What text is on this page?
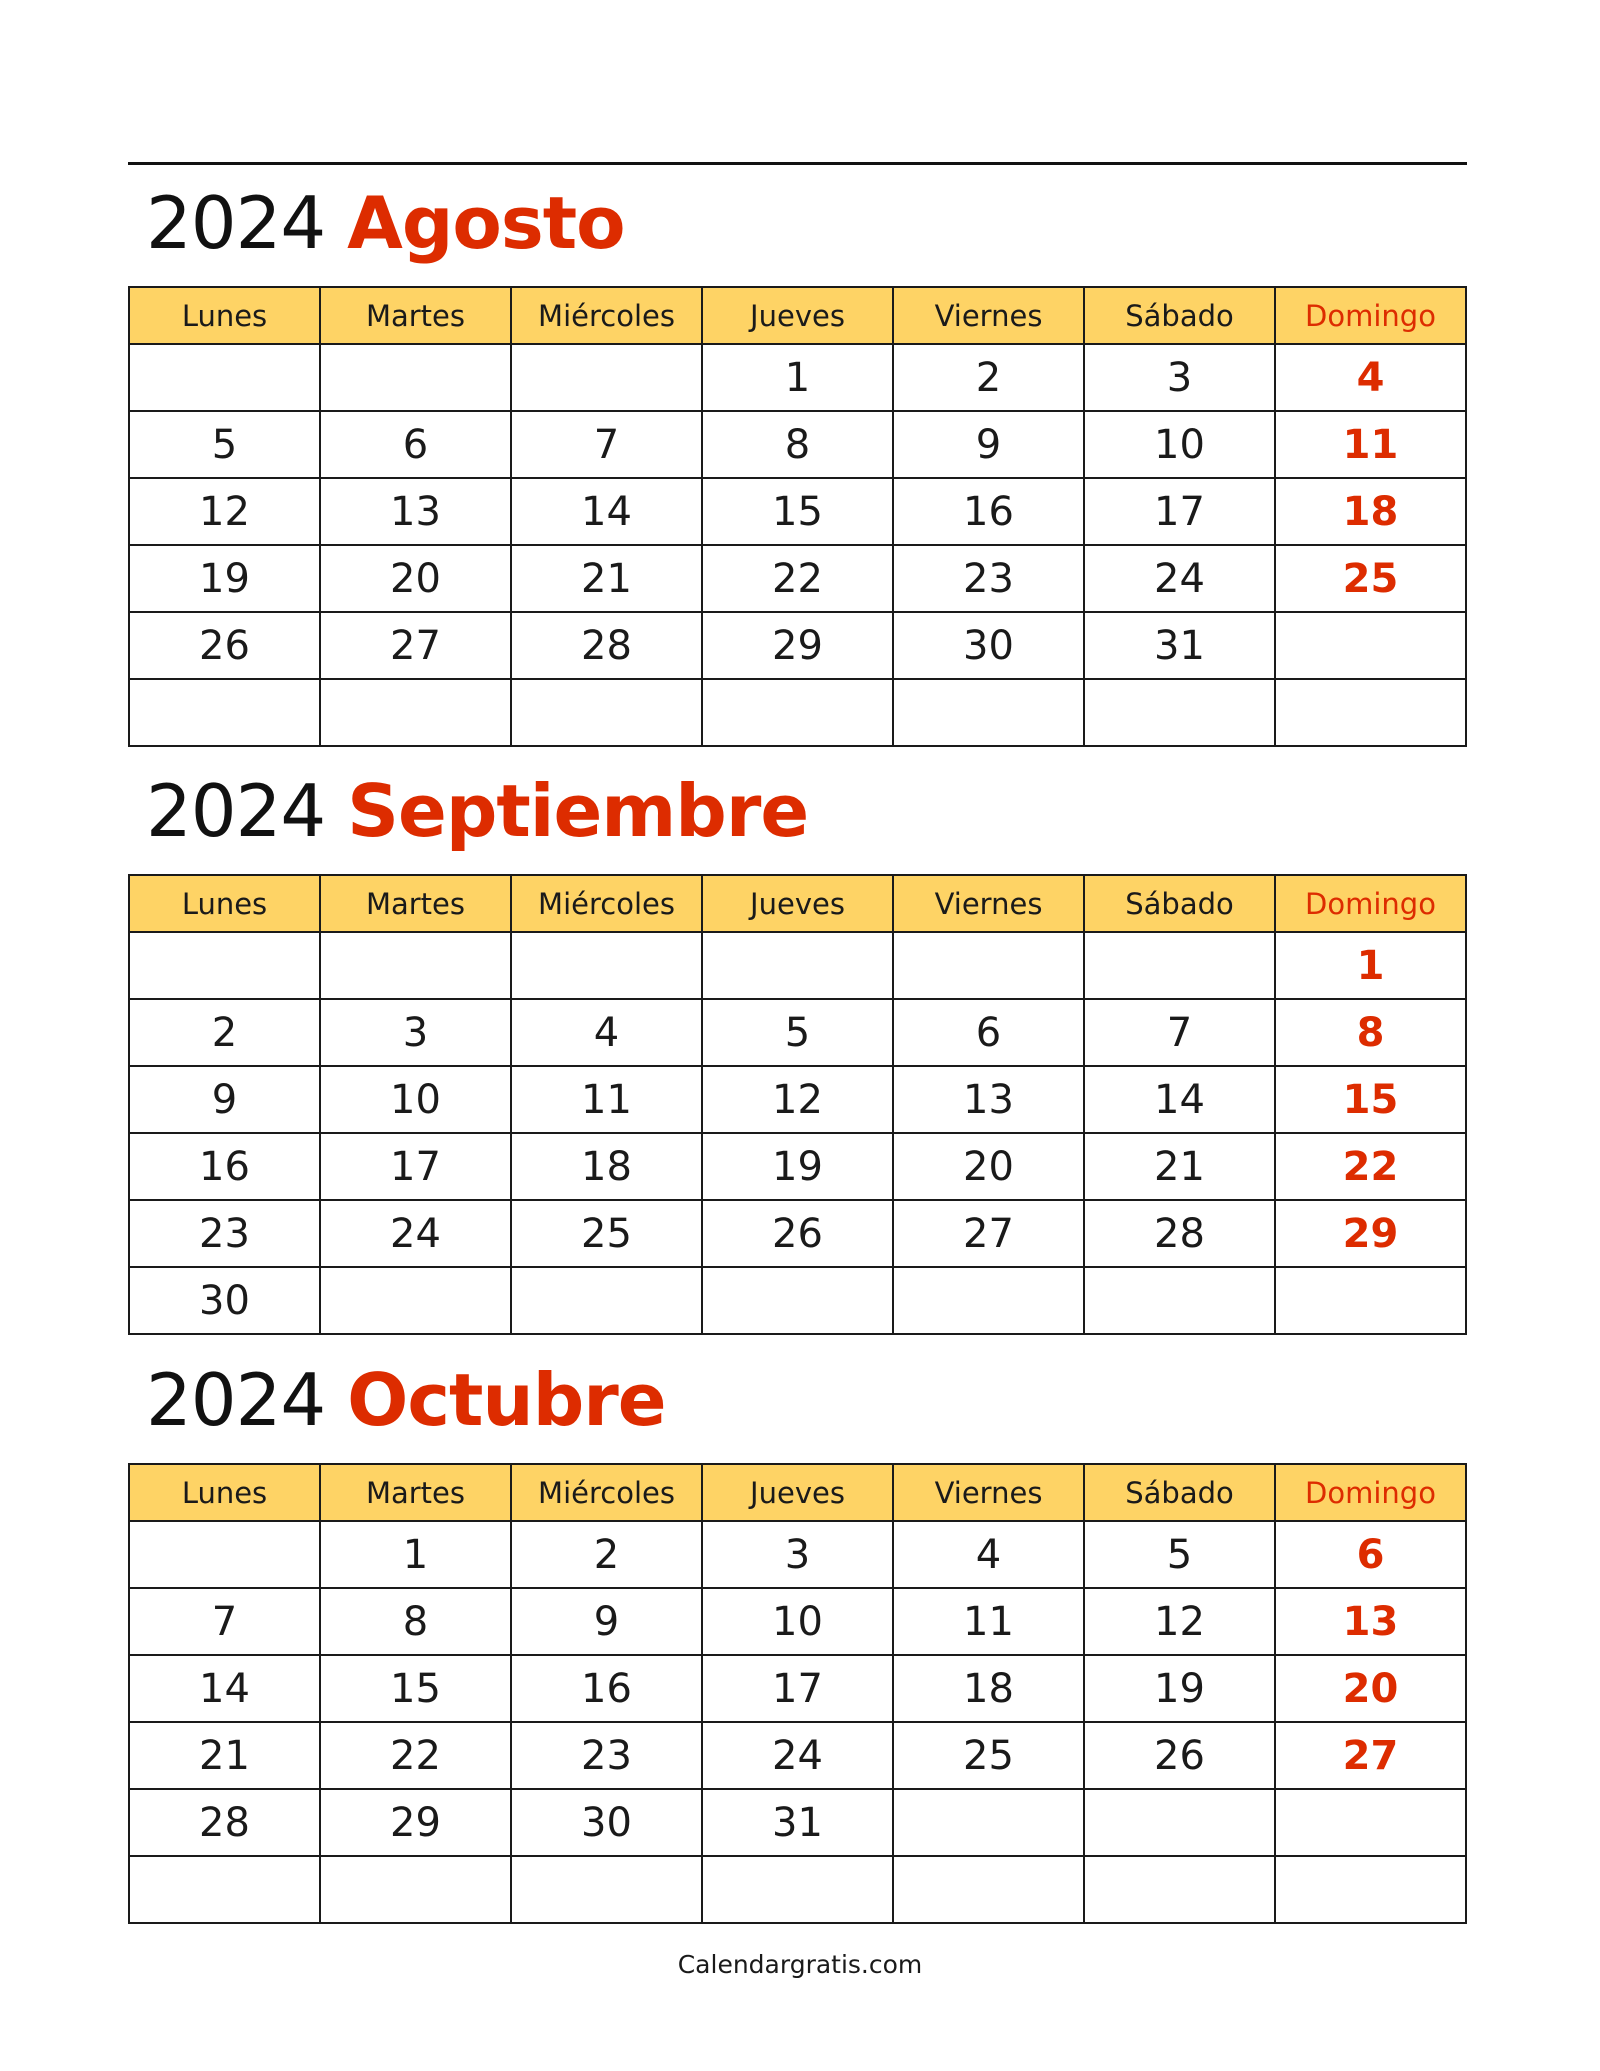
2024 Agosto
Lunes	Martes	Miércoles	Jueves	Viernes	Sábado	Domingo
			1	2	3	4
5	6	7	8	9	10	11
12	13	14	15	16	17	18
19	20	21	22	23	24	25
26	27	28	29	30	31	

2024 Septiembre
Lunes	Martes	Miércoles	Jueves	Viernes	Sábado	Domingo
						1
2	3	4	5	6	7	8
9	10	11	12	13	14	15
16	17	18	19	20	21	22
23	24	25	26	27	28	29
30						
2024 Octubre
Lunes	Martes	Miércoles	Jueves	Viernes	Sábado	Domingo
	1	2	3	4	5	6
7	8	9	10	11	12	13
14	15	16	17	18	19	20
21	22	23	24	25	26	27
28	29	30	31			

Calendargratis.com
